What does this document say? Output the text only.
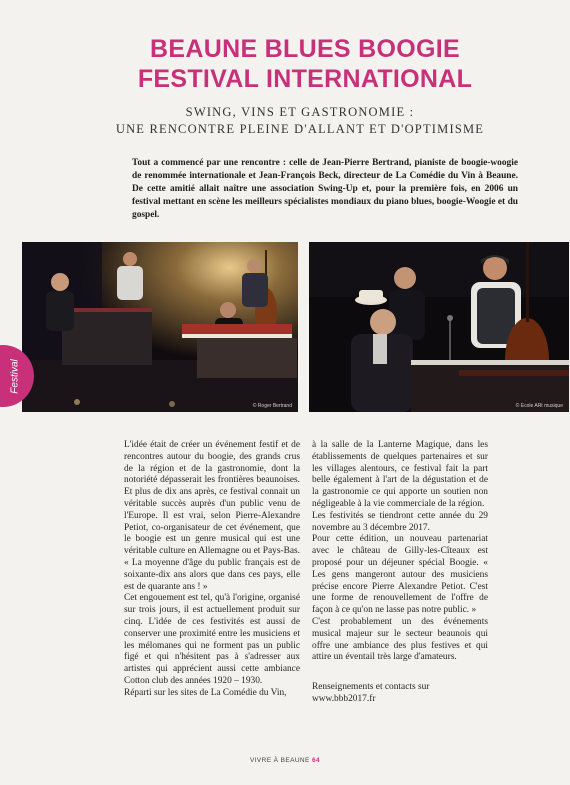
BEAUNE BLUES BOOGIE
FESTIVAL INTERNATIONAL
SWING, VINS ET GASTRONOMIE :
UNE RENCONTRE PLEINE D'ALLANT ET D'OPTIMISME

Tout a commencé par une rencontre : celle de Jean-Pierre Bertrand, pianiste de boogie-woogie de renommée internationale et Jean-François Beck, directeur de La Comédie du Vin à Beaune. De cette amitié allait naître une association Swing-Up et, pour la première fois, en 2006 un festival mettant en scène les meilleurs spécialistes mondiaux du piano blues, boogie-Woogie et du gospel.

© Roger Bertrand	© Ecole ARt musique
Festival

L'idée était de créer un événement festif et de rencontres autour du boogie, des grands crus de la région et de la gastronomie, dont la notoriété dépasserait les frontières beaunoises. Et plus de dix ans après, ce festival connait un véritable succès auprès d'un public venu de l'Europe. Il est vrai, selon Pierre-Alexandre Petiot, co-organisateur de cet événement, que le boogie est un genre musical qui est une véritable culture en Allemagne ou et Pays-Bas. « La moyenne d'âge du public français est de soixante-dix ans alors que dans ces pays, elle est de quarante ans ! »

Cet engouement est tel, qu'à l'origine, organisé sur trois jours, il est actuellement produit sur cinq. L'idée de ces festivités est aussi de conserver une proximité entre les musiciens et les mélomanes qui ne forment pas un public figé et qui n'hésitent pas à s'adresser aux artistes qui apprécient aussi cette ambiance Cotton club des années 1920 – 1930.

Réparti sur les sites de La Comédie du Vin,

à la salle de la Lanterne Magique, dans les établissements de quelques partenaires et sur les villages alentours, ce festival fait la part belle également à l'art de la dégustation et de la gastronomie ce qui apporte un soutien non négligeable à la vie commerciale de la région.

Les festivités se tiendront cette année du 29 novembre au 3 décembre 2017.

Pour cette édition, un nouveau partenariat avec le château de Gilly-les-Cîteaux est proposé pour un déjeuner spécial Boogie. « Les gens mangeront autour des musiciens précise encore Pierre Alexandre Petiot. C'est une forme de renouvellement de l'offre de façon à ce qu'on ne lasse pas notre public. »

C'est probablement un des événements musical majeur sur le secteur beaunois qui offre une ambiance des plus festives et qui attire un éventail très large d'amateurs.

Renseignements et contacts sur

www.bbb2017.fr

VIVRE À BEAUNE 64
